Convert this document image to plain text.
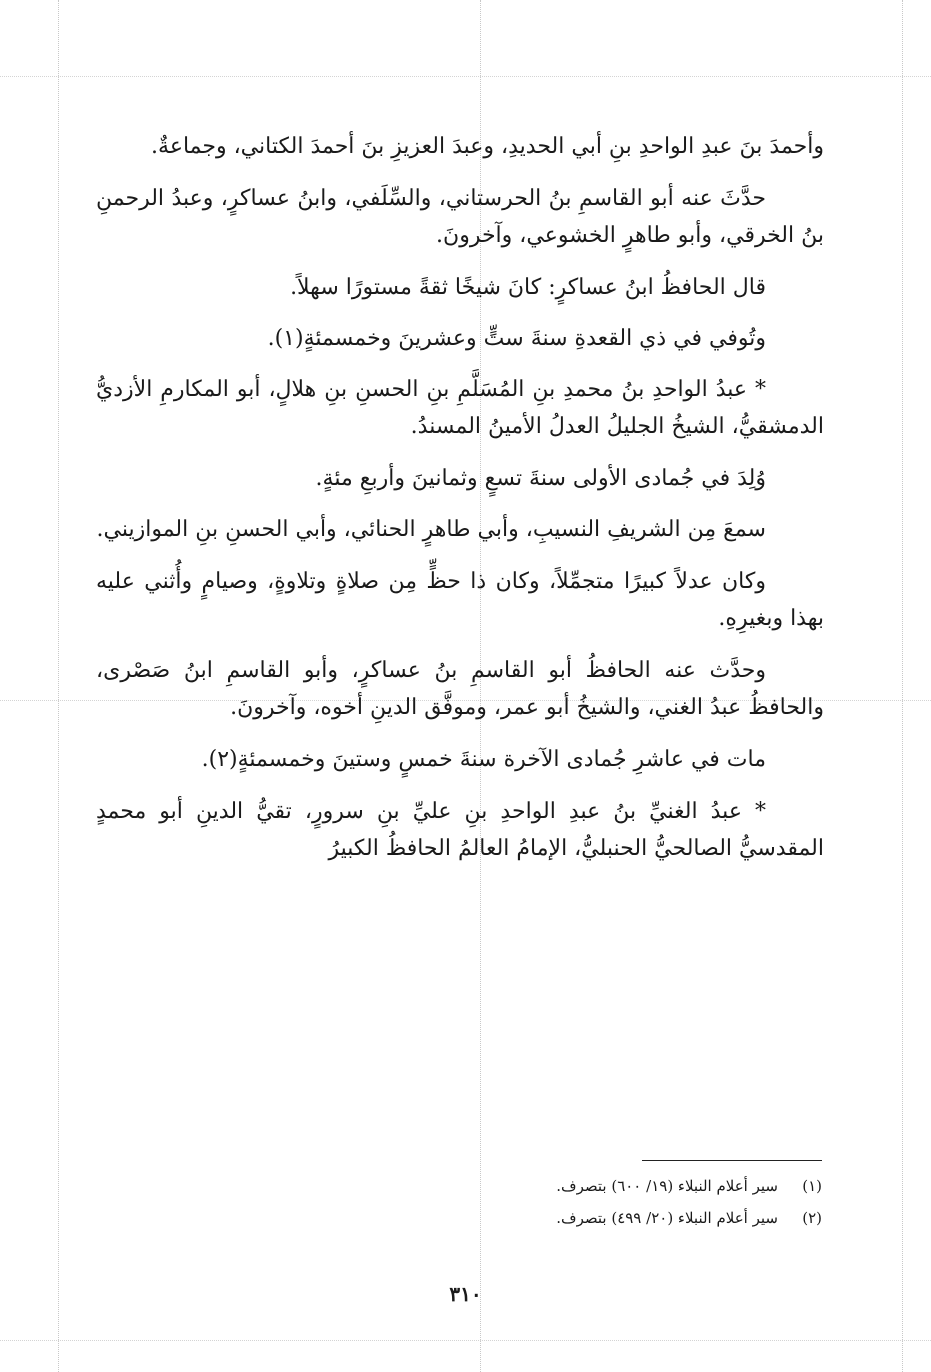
وأحمدَ بنَ عبدِ الواحدِ بنِ أبي الحديدِ، وعبدَ العزيزِ بنَ أحمدَ الكتاني، وجماعةٌ.

حدَّثَ عنه أبو القاسمِ بنُ الحرستاني، والسِّلَفي، وابنُ عساكرٍ، وعبدُ الرحمنِ بنُ الخرقي، وأبو طاهرٍ الخشوعي، وآخرونَ.

قال الحافظُ ابنُ عساكرٍ: كانَ شيخًا ثقةً مستورًا سهلاً.

وتُوفي في ذي القعدةِ سنةَ ستٍّ وعشرينَ وخمسمئةٍ(١).

* عبدُ الواحدِ بنُ محمدِ بنِ المُسَلَّمِ بنِ الحسنِ بنِ هلالٍ، أبو المكارمِ الأزديُّ الدمشقيُّ، الشيخُ الجليلُ العدلُ الأمينُ المسندُ.

وُلِدَ في جُمادى الأولى سنةَ تسعٍ وثمانينَ وأربعِ مئةٍ.

سمعَ مِن الشريفِ النسيبِ، وأبي طاهرٍ الحنائي، وأبي الحسنِ بنِ الموازيني.

وكان عدلاً كبيرًا متجمِّلاً، وكان ذا حظٍّ مِن صلاةٍ وتلاوةٍ، وصيامٍ وأُثني عليه بهذا وبغيرِهِ.

وحدَّث عنه الحافظُ أبو القاسمِ بنُ عساكرٍ، وأبو القاسمِ ابنُ صَصْرى، والحافظُ عبدُ الغني، والشيخُ أبو عمر، وموفَّق الدينِ أخوه، وآخرونَ.

مات في عاشرِ جُمادى الآخرة سنةَ خمسٍ وستينَ وخمسمئةٍ(٢).

* عبدُ الغنيِّ بنُ عبدِ الواحدِ بنِ عليِّ بنِ سرورٍ، تقيُّ الدينِ أبو محمدٍ المقدسيُّ الصالحيُّ الحنبليُّ، الإمامُ العالمُ الحافظُ الكبيرُ

(١)سير أعلام النبلاء (١٩/ ٦٠٠) بتصرف.

(٢)سير أعلام النبلاء (٢٠/ ٤٩٩) بتصرف.

٣١٠
